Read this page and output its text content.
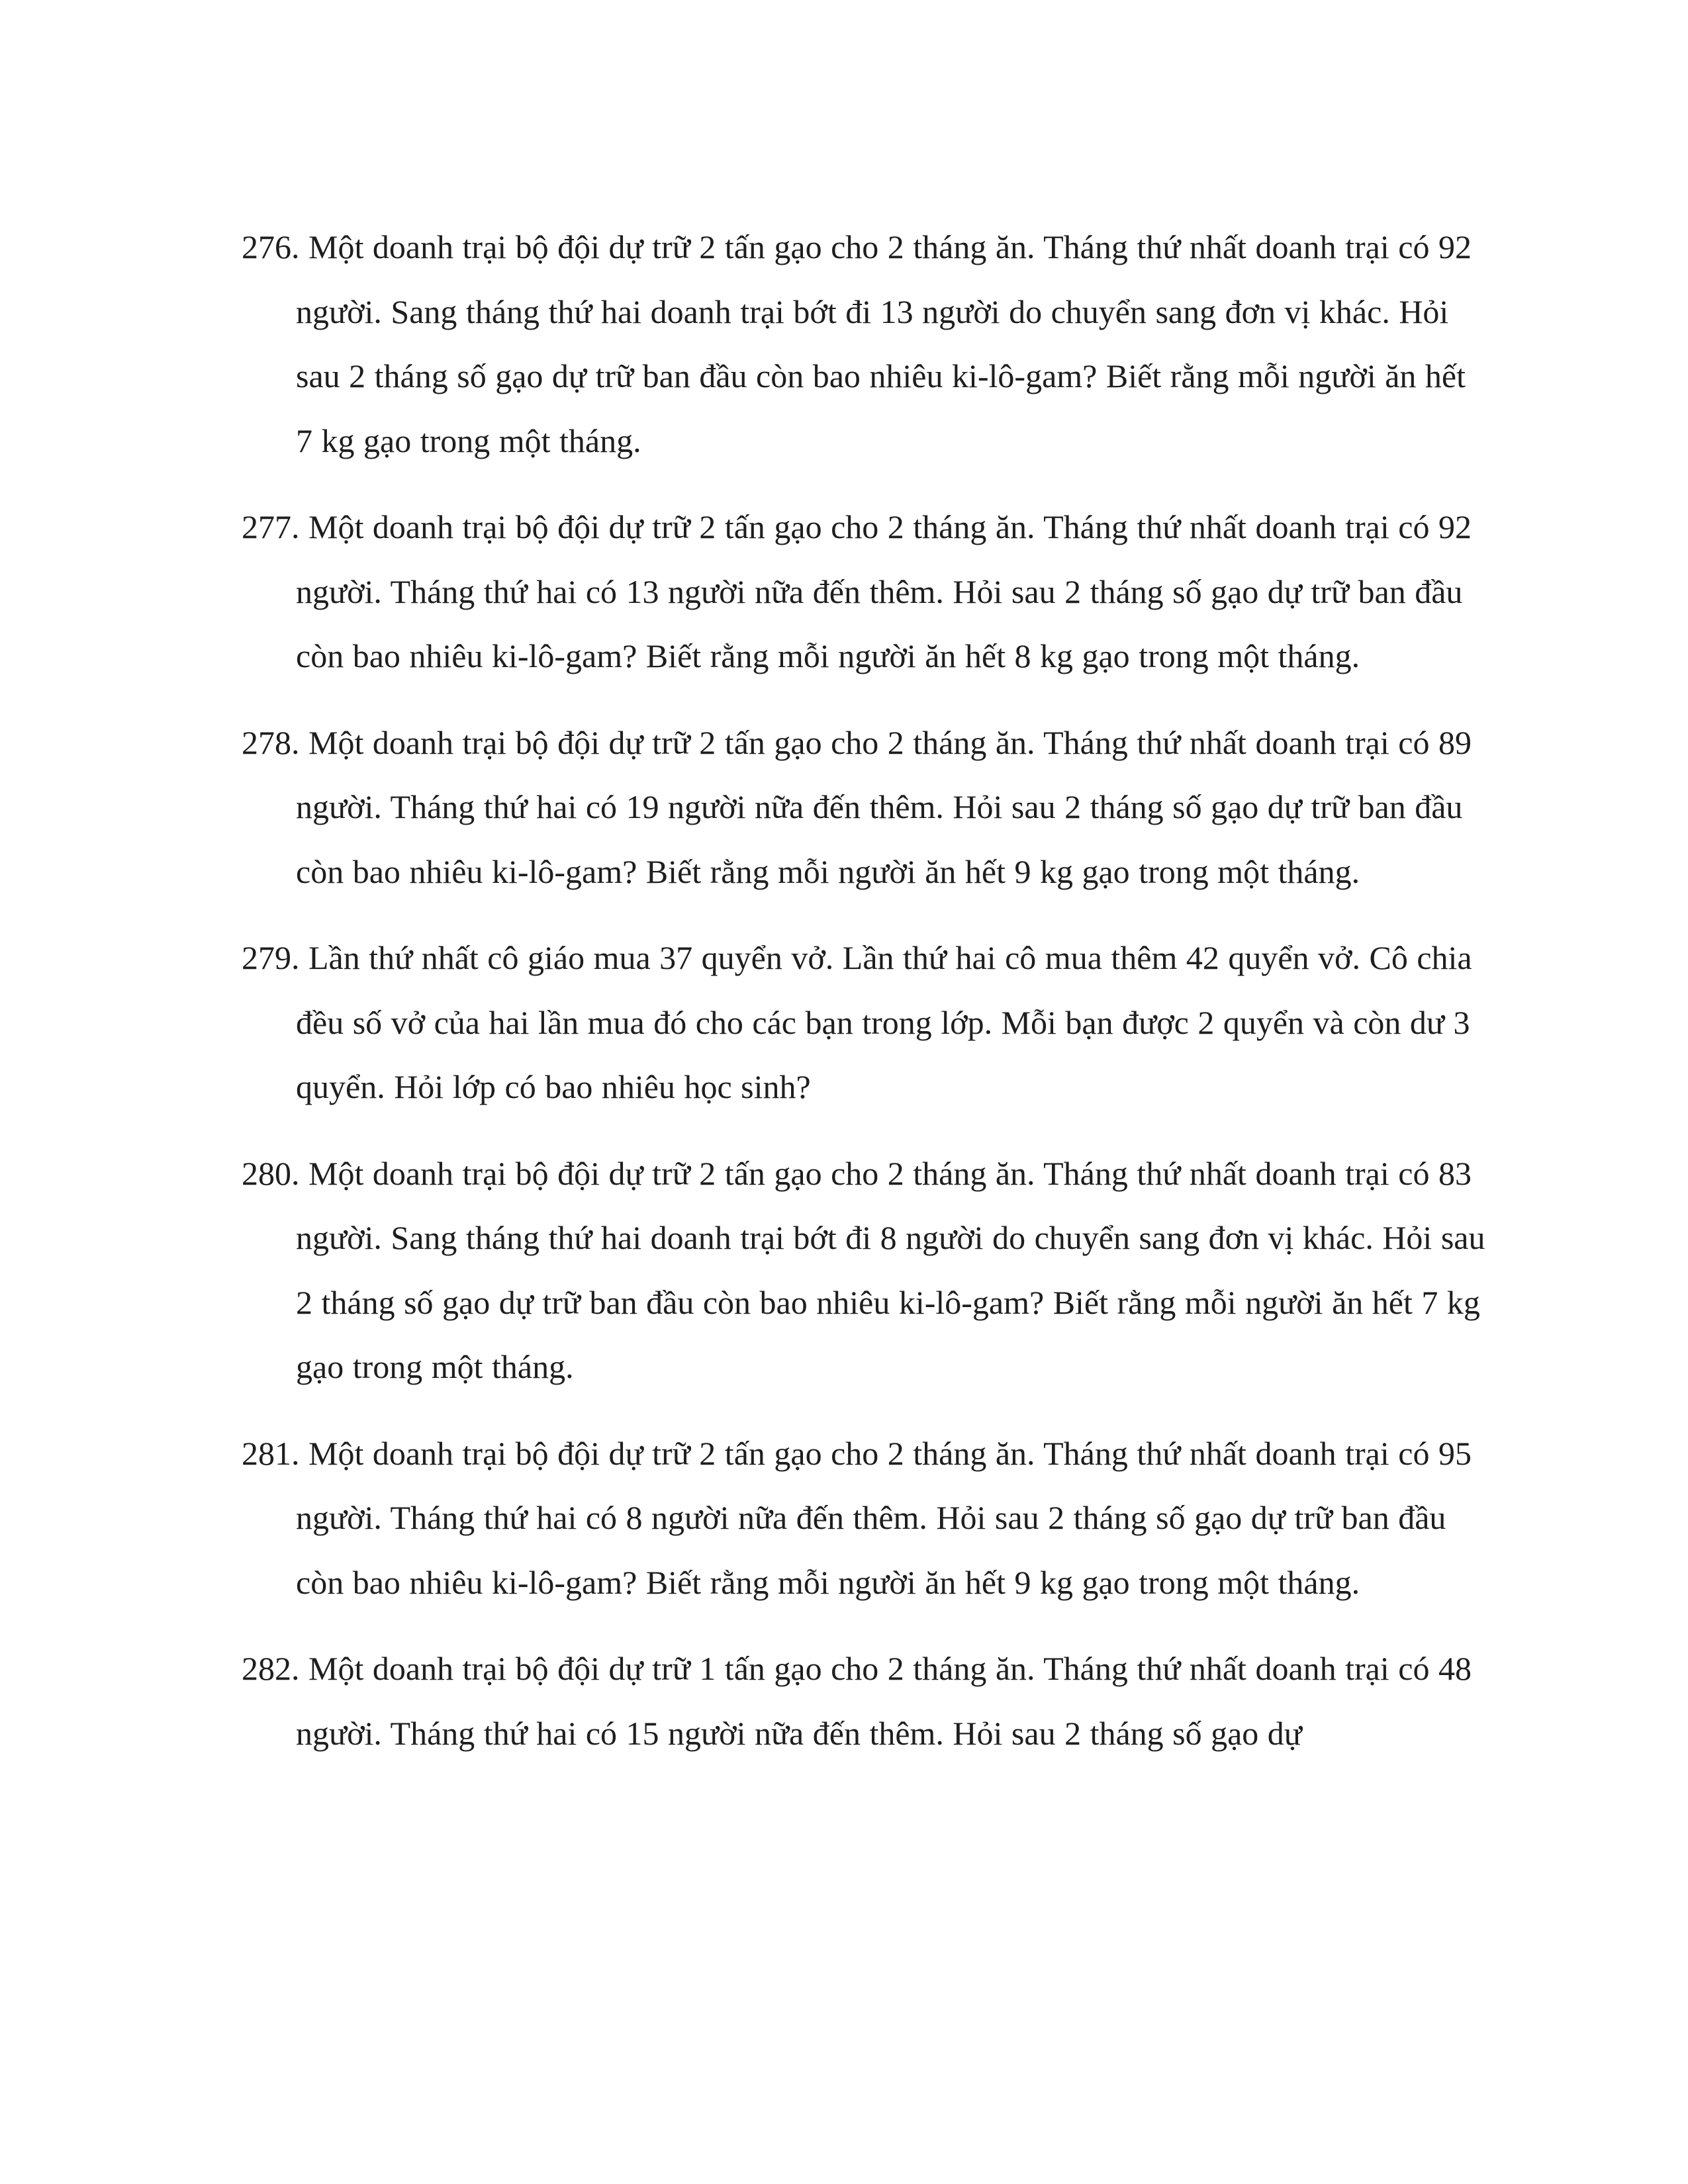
276. Một doanh trại bộ đội dự trữ 2 tấn gạo cho 2 tháng ăn. Tháng thứ nhất doanh trại có 92 người. Sang tháng thứ hai doanh trại bớt đi 13 người do chuyển sang đơn vị khác. Hỏi sau 2 tháng số gạo dự trữ ban đầu còn bao nhiêu ki-lô-gam? Biết rằng mỗi người ăn hết 7 kg gạo trong một tháng.
277. Một doanh trại bộ đội dự trữ 2 tấn gạo cho 2 tháng ăn. Tháng thứ nhất doanh trại có 92 người. Tháng thứ hai có 13 người nữa đến thêm. Hỏi sau 2 tháng số gạo dự trữ ban đầu còn bao nhiêu ki-lô-gam? Biết rằng mỗi người ăn hết 8 kg gạo trong một tháng.
278. Một doanh trại bộ đội dự trữ 2 tấn gạo cho 2 tháng ăn. Tháng thứ nhất doanh trại có 89 người. Tháng thứ hai có 19 người nữa đến thêm. Hỏi sau 2 tháng số gạo dự trữ ban đầu còn bao nhiêu ki-lô-gam? Biết rằng mỗi người ăn hết 9 kg gạo trong một tháng.
279. Lần thứ nhất cô giáo mua 37 quyển vở. Lần thứ hai cô mua thêm 42 quyển vở. Cô chia đều số vở của hai lần mua đó cho các bạn trong lớp. Mỗi bạn được 2 quyển và còn dư 3 quyển. Hỏi lớp có bao nhiêu học sinh?
280. Một doanh trại bộ đội dự trữ 2 tấn gạo cho 2 tháng ăn. Tháng thứ nhất doanh trại có 83 người. Sang tháng thứ hai doanh trại bớt đi 8 người do chuyển sang đơn vị khác. Hỏi sau 2 tháng số gạo dự trữ ban đầu còn bao nhiêu ki-lô-gam? Biết rằng mỗi người ăn hết 7 kg gạo trong một tháng.
281. Một doanh trại bộ đội dự trữ 2 tấn gạo cho 2 tháng ăn. Tháng thứ nhất doanh trại có 95 người. Tháng thứ hai có 8 người nữa đến thêm. Hỏi sau 2 tháng số gạo dự trữ ban đầu còn bao nhiêu ki-lô-gam? Biết rằng mỗi người ăn hết 9 kg gạo trong một tháng.
282. Một doanh trại bộ đội dự trữ 1 tấn gạo cho 2 tháng ăn. Tháng thứ nhất doanh trại có 48 người. Tháng thứ hai có 15 người nữa đến thêm. Hỏi sau 2 tháng số gạo dự
